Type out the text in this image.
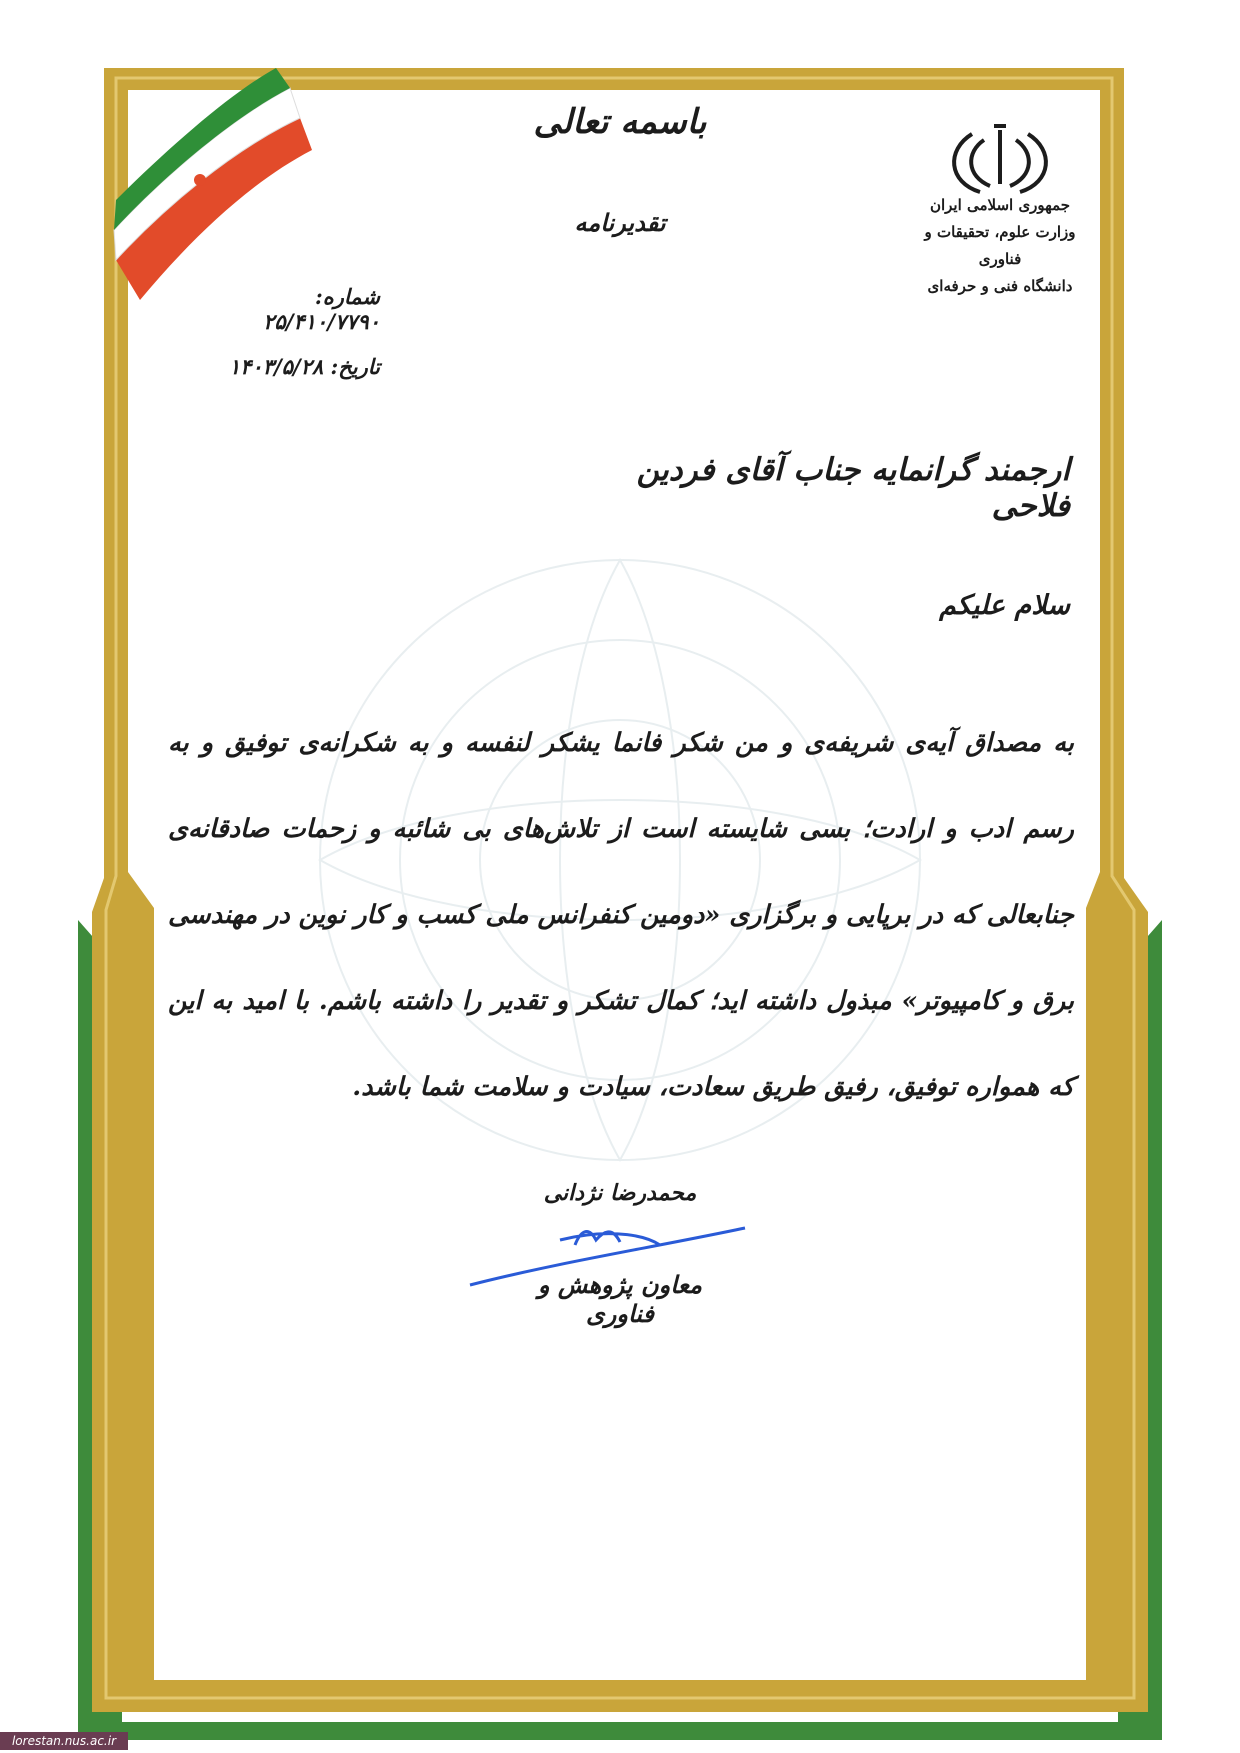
باسمه تعالی
تقدیرنامه
شماره: ۲۵/۴۱۰/۷۷۹۰
تاریخ: ۱۴۰۳/۵/۲۸
جمهوری اسلامی ایران
وزارت علوم، تحقیقات و فناوری
دانشگاه فنی و حرفه‌ای
ارجمند گرانمایه جناب آقای فردین فلاحی
سلام علیکم
به مصداق آیه‌ی شریفه‌ی و من شکر فانما یشکر لنفسه و به شکرانه‌ی توفیق و به رسم ادب و ارادت؛ بسی شایسته است از تلاش‌های بی شائبه و زحمات صادقانه‌ی جنابعالی که در برپایی و برگزاری «دومین کنفرانس ملی کسب و کار نوین در مهندسی برق و کامپیوتر» مبذول داشته اید؛ کمال تشکر و تقدیر را داشته باشم. با امید به این که همواره توفیق، رفیق طریق سعادت، سیادت و سلامت شما باشد.
محمدرضا نژدانی
معاون پژوهش و فناوری
lorestan.nus.ac.ir
